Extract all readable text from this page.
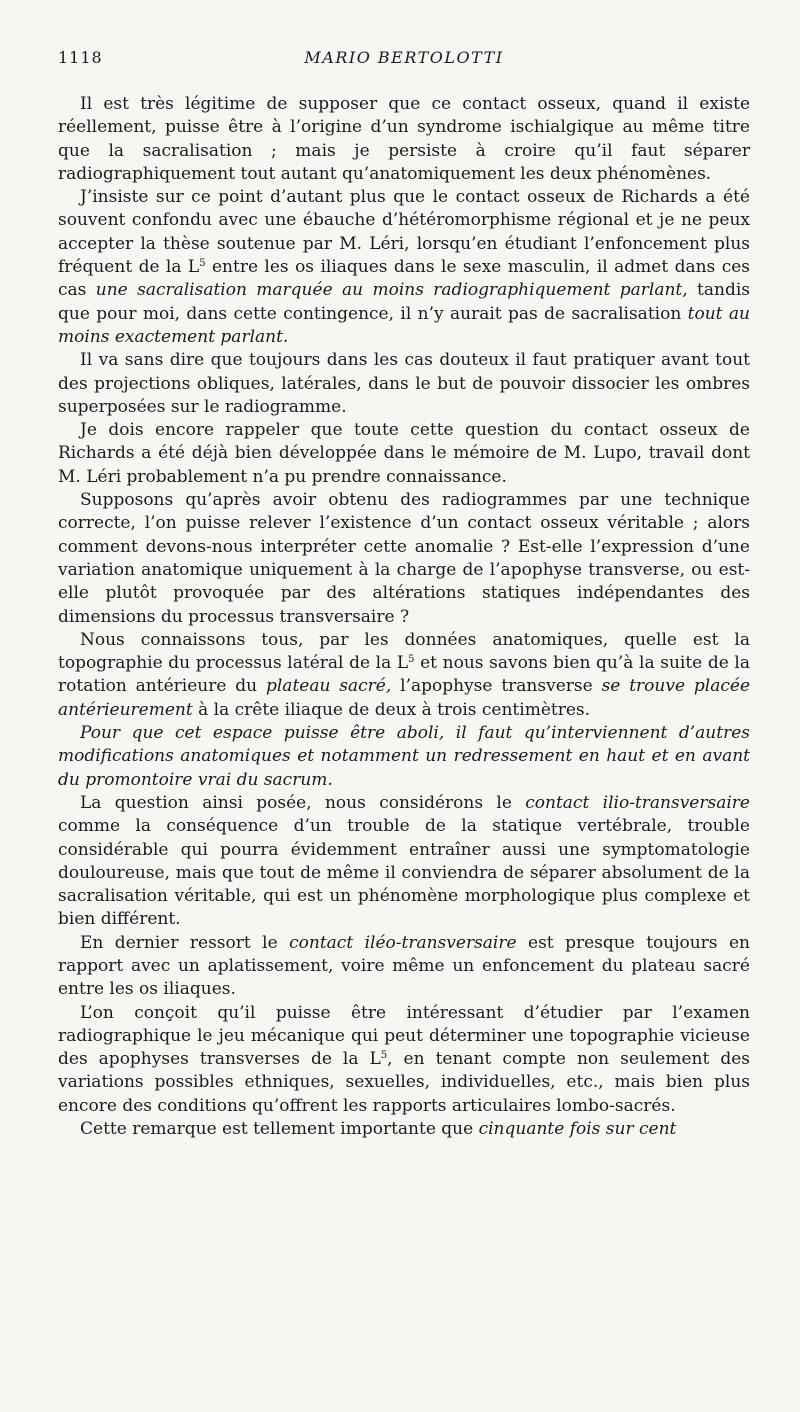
1118	MARIO BERTOLOTTI

Il est très légitime de supposer que ce contact osseux, quand il existe réellement, puisse être à l’origine d’un syndrome ischialgique au même titre que la sacralisation ; mais je persiste à croire qu’il faut séparer radiographiquement tout autant qu’anatomiquement les deux phénomènes.

J’insiste sur ce point d’autant plus que le contact osseux de Richards a été souvent confondu avec une ébauche d’hétéromorphisme régional et je ne peux accepter la thèse soutenue par M. Léri, lorsqu’en étudiant l’enfoncement plus fréquent de la $L^5$ entre les os iliaques dans le sexe masculin, il admet dans ces cas une sacralisation marquée au moins radiographiquement parlant, tandis que pour moi, dans cette contingence, il n’y aurait pas de sacralisation tout au moins exactement parlant.

Il va sans dire que toujours dans les cas douteux il faut pratiquer avant tout des projections obliques, latérales, dans le but de pouvoir dissocier les ombres superposées sur le radiogramme.

Je dois encore rappeler que toute cette question du contact osseux de Richards a été déjà bien développée dans le mémoire de M. Lupo, travail dont M. Léri probablement n’a pu prendre connaissance.

Supposons qu’après avoir obtenu des radiogrammes par une technique correcte, l’on puisse relever l’existence d’un contact osseux véritable ; alors comment devons-nous interpréter cette anomalie ? Est-elle l’expression d’une variation anatomique uniquement à la charge de l’apophyse transverse, ou est-elle plutôt provoquée par des altérations statiques indépendantes des dimensions du processus transversaire ?

Nous connaissons tous, par les données anatomiques, quelle est la topographie du processus latéral de la $L^5$ et nous savons bien qu’à la suite de la rotation antérieure du plateau sacré, l’apophyse transverse se trouve placée antérieurement à la crête iliaque de deux à trois centimètres.

Pour que cet espace puisse être aboli, il faut qu’interviennent d’autres modifications anatomiques et notamment un redressement en haut et en avant du promontoire vrai du sacrum.

La question ainsi posée, nous considérons le contact ilio-transversaire comme la conséquence d’un trouble de la statique vertébrale, trouble considérable qui pourra évidemment entraîner aussi une symptomatologie douloureuse, mais que tout de même il conviendra de séparer absolument de la sacralisation véritable, qui est un phénomène morphologique plus complexe et bien différent.

En dernier ressort le contact iléo-transversaire est presque toujours en rapport avec un aplatissement, voire même un enfoncement du plateau sacré entre les os iliaques.

L’on conçoit qu’il puisse être intéressant d’étudier par l’examen radiographique le jeu mécanique qui peut déterminer une topographie vicieuse des apophyses transverses de la $L^5$, en tenant compte non seulement des variations possibles ethniques, sexuelles, individuelles, etc., mais bien plus encore des conditions qu’offrent les rapports articulaires lombo-sacrés.

Cette remarque est tellement importante que cinquante fois sur cent
